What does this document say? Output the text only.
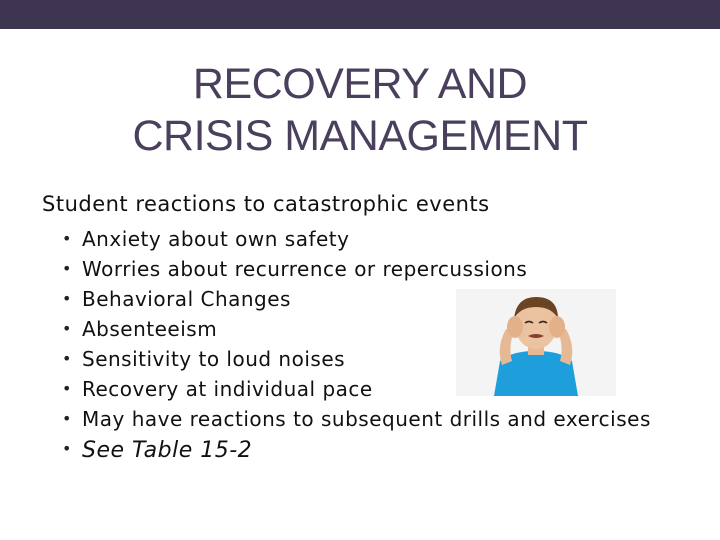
RECOVERY AND
CRISIS MANAGEMENT
Student reactions to catastrophic events
• Anxiety about own safety
• Worries about recurrence or repercussions
• Behavioral Changes
• Absenteeism
• Sensitivity to loud noises
• Recovery at individual pace
• May have reactions to subsequent drills and exercises
• See Table 15-2
